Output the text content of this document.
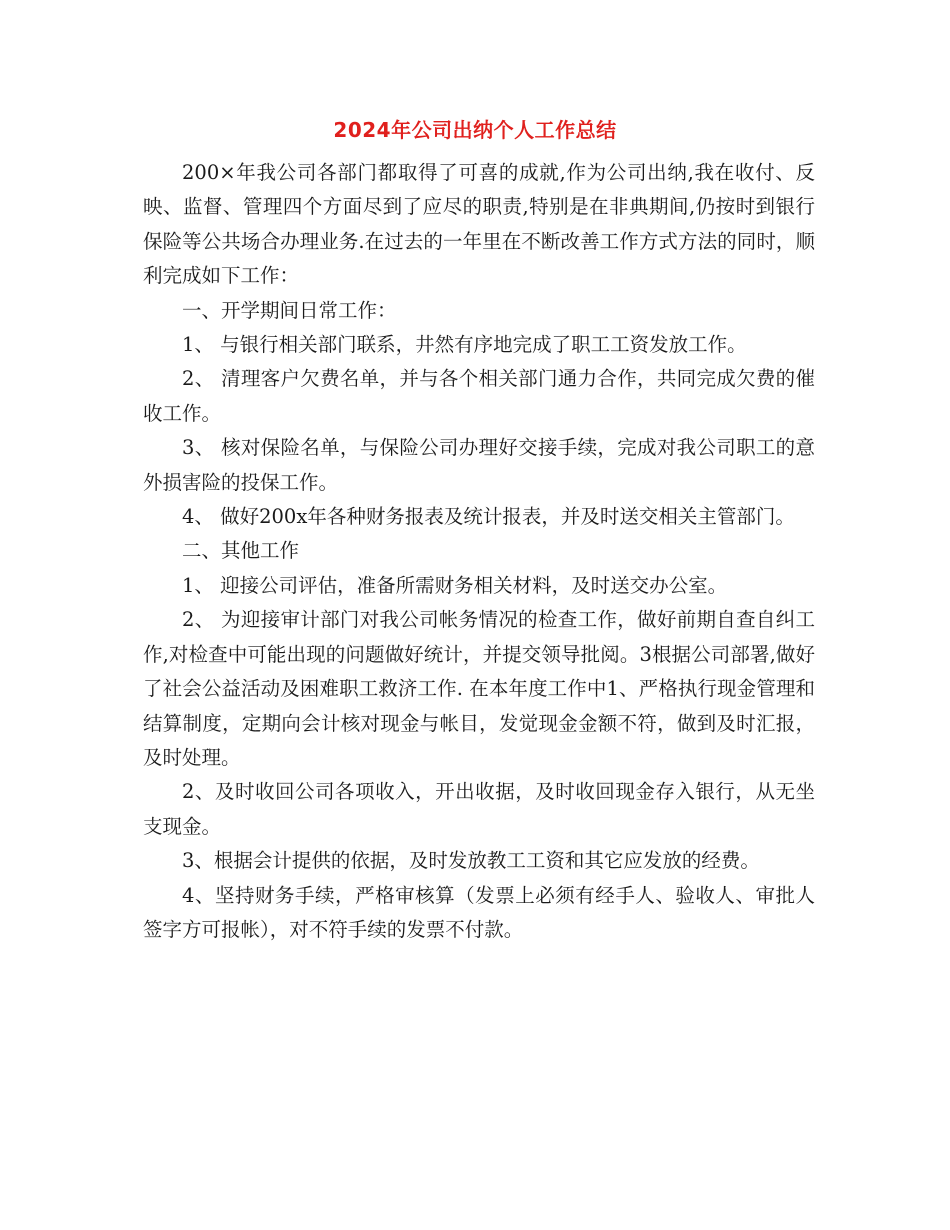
2024年公司出纳个人工作总结

200×年我公司各部门都取得了可喜的成就,作为公司出纳,我在收付、反映、监督、管理四个方面尽到了应尽的职责,特别是在非典期间,仍按时到银行保险等公共场合办理业务.在过去的一年里在不断改善工作方式方法的同时，顺利完成如下工作：

一、开学期间日常工作：

1、 与银行相关部门联系，井然有序地完成了职工工资发放工作。

2、 清理客户欠费名单，并与各个相关部门通力合作，共同完成欠费的催收工作。

3、 核对保险名单，与保险公司办理好交接手续，完成对我公司职工的意外损害险的投保工作。

4、 做好200x年各种财务报表及统计报表，并及时送交相关主管部门。

二、其他工作

1、 迎接公司评估，准备所需财务相关材料，及时送交办公室。

2、 为迎接审计部门对我公司帐务情况的检查工作，做好前期自查自纠工作,对检查中可能出现的问题做好统计，并提交领导批阅。3根据公司部署,做好了社会公益活动及困难职工救济工作. 在本年度工作中1、严格执行现金管理和结算制度，定期向会计核对现金与帐目，发觉现金金额不符，做到及时汇报，及时处理。

2、及时收回公司各项收入，开出收据，及时收回现金存入银行，从无坐支现金。

3、根据会计提供的依据，及时发放教工工资和其它应发放的经费。

4、坚持财务手续，严格审核算（发票上必须有经手人、验收人、审批人签字方可报帐），对不符手续的发票不付款。
